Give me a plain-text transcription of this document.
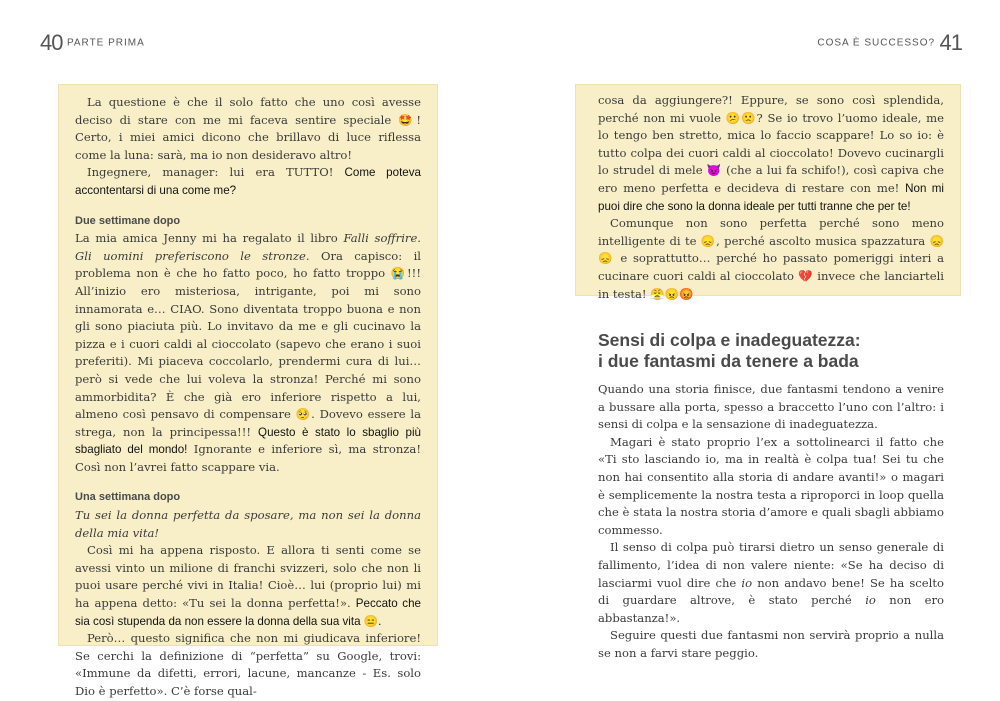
40 PARTE PRIMA	COSA È SUCCESSO? 41

La questione è che il solo fatto che uno così avesse deciso di stare con me mi faceva sentire speciale 🤩! Certo, i miei amici dicono che brillavo di luce riflessa come la luna: sarà, ma io non desideravo altro!

Ingegnere, manager: lui era TUTTO! Come poteva accontentarsi di una come me?

Due settimane dopo

La mia amica Jenny mi ha regalato il libro Falli soffrire. Gli uomini preferiscono le stronze. Ora capisco: il problema non è che ho fatto poco, ho fatto troppo 😭!!! All’inizio ero misteriosa, intrigante, poi mi sono innamorata e… CIAO. Sono diventata troppo buona e non gli sono piaciuta più. Lo invitavo da me e gli cucinavo la pizza e i cuori caldi al cioccolato (sapevo che erano i suoi preferiti). Mi piaceva coccolarlo, prendermi cura di lui… però si vede che lui voleva la stronza! Perché mi sono ammorbidita? È che già ero inferiore rispetto a lui, almeno così pensavo di compensare 🥺. Dovevo essere la strega, non la principessa!!! Questo è stato lo sbaglio più sbagliato del mondo! Ignorante e inferiore sì, ma stronza! Così non l’avrei fatto scappare via.

Una settimana dopo

Tu sei la donna perfetta da sposare, ma non sei la donna della mia vita!

Così mi ha appena risposto. E allora ti senti come se avessi vinto un milione di franchi svizzeri, solo che non li puoi usare perché vivi in Italia! Cioè… lui (proprio lui) mi ha appena detto: «Tu sei la donna perfetta!». Peccato che sia così stupenda da non essere la donna della sua vita 😑.

Però… questo significa che non mi giudicava inferiore! Se cerchi la definizione di “perfetta” su Google, trovi: «Immune da difetti, errori, lacune, mancanze - Es. solo Dio è perfetto». C’è forse qual-

cosa da aggiungere?! Eppure, se sono così splendida, perché non mi vuole 😕🙁? Se io trovo l’uomo ideale, me lo tengo ben stretto, mica lo faccio scappare! Lo so io: è tutto colpa dei cuori caldi al cioccolato! Dovevo cucinargli lo strudel di mele 😈 (che a lui fa schifo!), così capiva che ero meno perfetta e decideva di restare con me! Non mi puoi dire che sono la donna ideale per tutti tranne che per te!

Comunque non sono perfetta perché sono meno intelligente di te 😞, perché ascolto musica spazzatura 😞😞 e soprattutto… perché ho passato pomeriggi interi a cucinare cuori caldi al cioccolato 💔 invece che lanciarteli in testa! 😤😠😡

Sensi di colpa e inadeguatezza:
i due fantasmi da tenere a bada

Quando una storia finisce, due fantasmi tendono a venire a bussare alla porta, spesso a braccetto l’uno con l’altro: i sensi di colpa e la sensazione di inadeguatezza.

Magari è stato proprio l’ex a sottolinearci il fatto che «Ti sto lasciando io, ma in realtà è colpa tua! Sei tu che non hai consentito alla storia di andare avanti!» o magari è semplicemente la nostra testa a riproporci in loop quella che è stata la nostra storia d’amore e quali sbagli abbiamo commesso.

Il senso di colpa può tirarsi dietro un senso generale di fallimento, l’idea di non valere niente: «Se ha deciso di lasciarmi vuol dire che io non andavo bene! Se ha scelto di guardare altrove, è stato perché io non ero abbastanza!».

Seguire questi due fantasmi non servirà proprio a nulla se non a farvi stare peggio.
